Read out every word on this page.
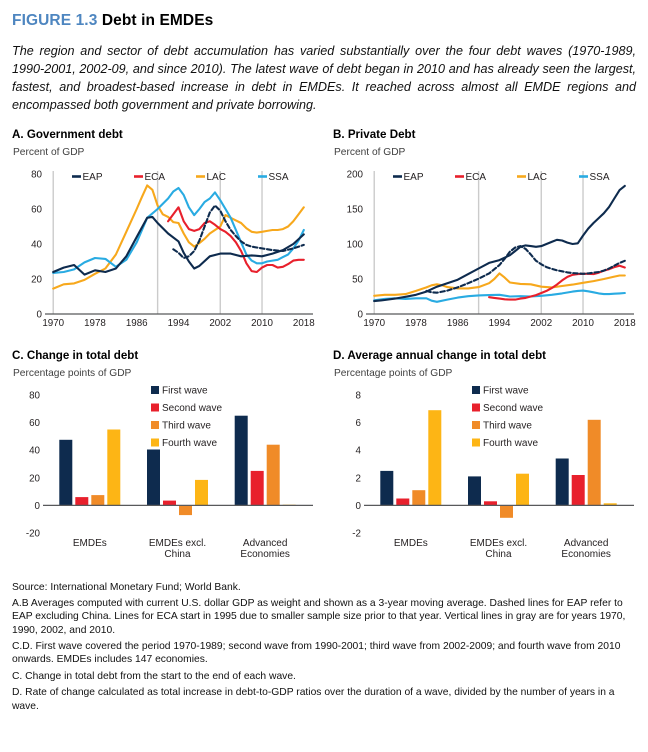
FIGURE 1.3 Debt in EMDEs

The region and sector of debt accumulation has varied substantially over the four debt waves (1970-1989, 1990-2001, 2002-09, and since 2010). The latest wave of debt began in 2010 and has already seen the largest, fastest, and broadest-based increase in debt in EMDEs. It reached across almost all EMDE regions and encompassed both government and private borrowing.

A. Government debt
Percent of GDP
0
20
40
60
80
1970 1978 1986 1994 2002 2010 2018
EAP	ECA	LAC	SSA
B. Private Debt
Percent of GDP
0
50
100
150
200
1970 1978 1986 1994 2002 2010 2018
EAP	ECA	LAC	SSA
C. Change in total debt
Percentage points of GDP
-20
0
20
40
60
80
EMDEs	EMDEs excl.
China
Advanced
Economies
First wave
Second wave
Third wave
Fourth wave
D. Average annual change in total debt
Percentage points of GDP
-2
0
2
4
6
8
EMDEs	EMDEs excl.
China
Advanced
Economies
First wave
Second wave
Third wave
Fourth wave

Source: International Monetary Fund; World Bank.

A.B Averages computed with current U.S. dollar GDP as weight and shown as a 3-year moving average. Dashed lines for EAP refer to EAP excluding China. Lines for ECA start in 1995 due to smaller sample size prior to that year. Vertical lines in gray are for years 1970, 1990, 2002, and 2010.

C.D. First wave covered the period 1970-1989; second wave from 1990-2001; third wave from 2002-2009; and fourth wave from 2010 onwards. EMDEs includes 147 economies.

C. Change in total debt from the start to the end of each wave.

D. Rate of change calculated as total increase in debt-to-GDP ratios over the duration of a wave, divided by the number of years in a wave.
